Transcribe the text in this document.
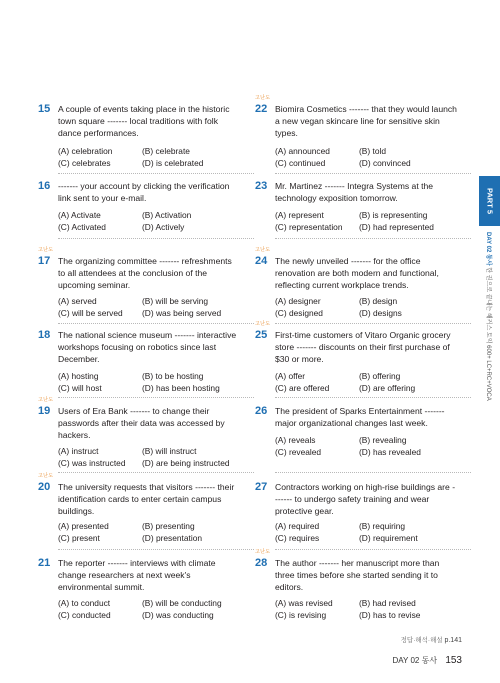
15 A couple of events taking place in the historic town square ------- local traditions with folk dance performances.
(A) celebration	(B) celebrate
(C) celebrates	(D) is celebrated
16 ------- your account by clicking the verification link sent to your e-mail.
(A) Activate	(B) Activation
(C) Activated	(D) Actively
고난도
17 The organizing committee ------- refreshments to all attendees at the conclusion of the upcoming seminar.
(A) served	(B) will be serving
(C) will be served (D) was being served
18 The national science museum ------- interactive workshops focusing on robotics since last December.
(A) hosting	(B) to be hosting
(C) will host	(D) has been hosting
고난도
19 Users of Era Bank ------- to change their passwords after their data was accessed by hackers.
(A) instruct	(B) will instruct
(C) was instructed (D) are being instructed
고난도
20 The university requests that visitors ------- their identification cards to enter certain campus buildings.
(A) presented	(B) presenting
(C) present	(D) presentation
21 The reporter ------- interviews with climate change researchers at next week's environmental summit.
(A) to conduct	(B) will be conducting
(C) conducted	(D) was conducting
고난도
22 Biomira Cosmetics ------- that they would launch a new vegan skincare line for sensitive skin types.
(A) announced	(B) told
(C) continued	(D) convinced
23 Mr. Martinez ------- Integra Systems at the technology exposition tomorrow.
(A) represent	(B) is representing
(C) representation (D) had represented
고난도
24 The newly unveiled ------- for the office renovation are both modern and functional, reflecting current workplace trends.
(A) designer	(B) design
(C) designed	(D) designs
고난도
25 First-time customers of Vitaro Organic grocery store ------- discounts on their first purchase of $30 or more.
(A) offer	(B) offering
(C) are offered	(D) are offering
26 The president of Sparks Entertainment ------- major organizational changes last week.
(A) reveals	(B) revealing
(C) revealed	(D) has revealed
27 Contractors working on high-rise buildings are ------- to undergo safety training and wear protective gear.
(A) required	(B) requiring
(C) requires	(D) requirement
고난도
28 The author ------- her manuscript more than three times before she started sending it to editors.
(A) was revised	(B) had revised
(C) is revising	(D) has to revise
PART 5
DAY 02 동사 한 권으로 끝내는 해커스 토익 600+ LC+RC+VOCA
정답·해석·해설 p.141
DAY 02 동사 153
